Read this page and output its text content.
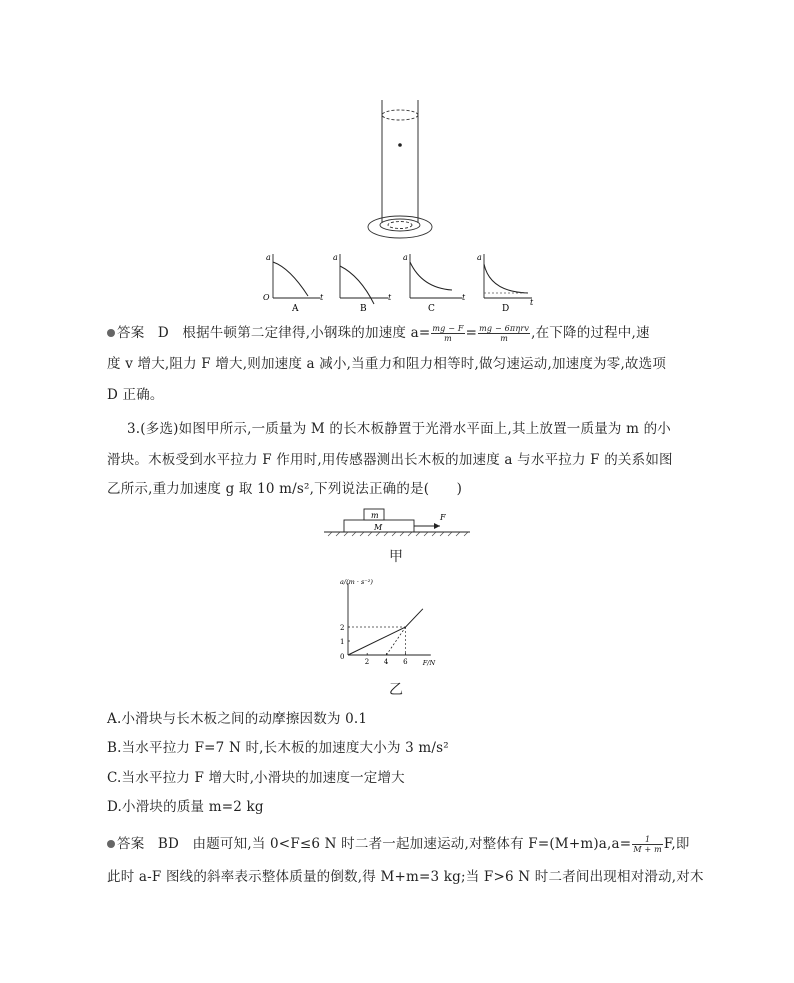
a
O	t
A
a
t
B
a
t
C
a
t
D
答案 D 根据牛顿第二定律得,小钢珠的加速度 $a= \frac{mg - F}{m} = \frac{\text{mg − 6πηrv}}{m}$ ,在下降的过程中,速
度 v 增大,阻力 F 增大,则加速度 a 减小,当重力和阻力相等时,做匀速运动,加速度为零,故选项
D 正确。
3.(多选)如图甲所示,一质量为 M 的长木板静置于光滑水平面上,其上放置一质量为 m 的小
滑块。木板受到水平拉力 F 作用时,用传感器测出长木板的加速度 a 与水平拉力 F 的关系如图
乙所示,重力加速度 g 取 10 m/s²,下列说法正确的是(　　)
m
M
F
甲
a/(m · s⁻²)
F/N
0
2 4 6
1
2
乙
A.小滑块与长木板之间的动摩擦因数为 0.1
B.当水平拉力 F=7 N 时,长木板的加速度大小为 3 m/s²
C.当水平拉力 F 增大时,小滑块的加速度一定增大
D.小滑块的质量 m=2 kg
答案 BD 由题可知,当 0<F≤6 N 时二者一起加速运动,对整体有 $F=(M+m)a,a= \frac{1}{M + m} F$,即
此时 a-F 图线的斜率表示整体质量的倒数,得 M+m=3 kg;当 F>6 N 时二者间出现相对滑动,对木
